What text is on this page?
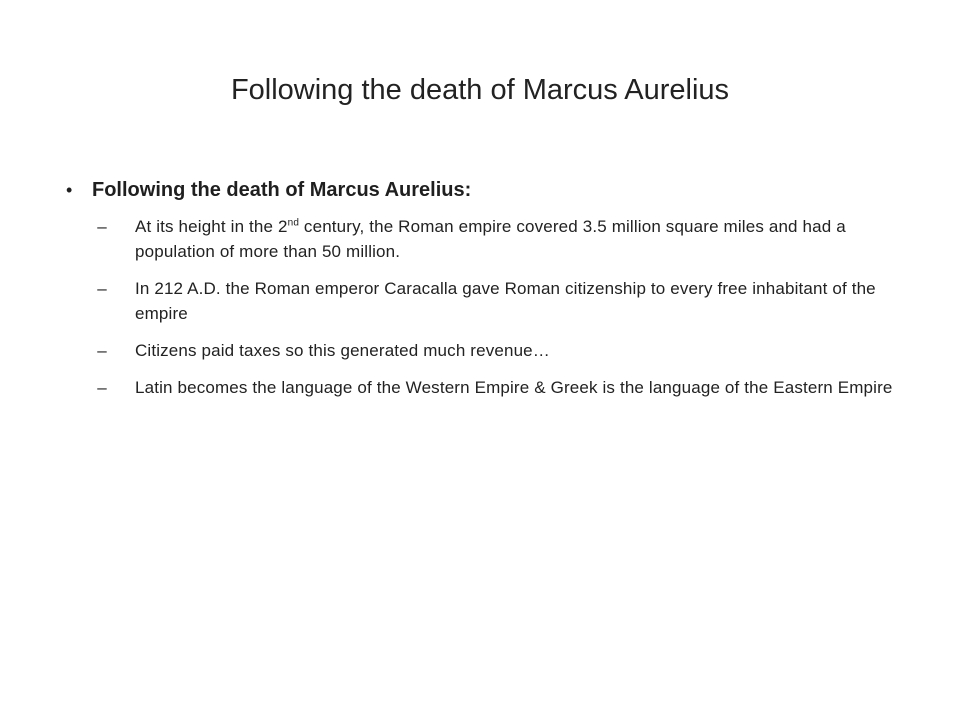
Following the death of Marcus Aurelius
• Following the death of Marcus Aurelius:
–	At its height in the 2nd century, the Roman empire covered 3.5 million square miles and had a population of more than 50 million.
–	In 212 A.D. the Roman emperor Caracalla gave Roman citizenship to every free inhabitant of the empire
–	Citizens paid taxes so this generated much revenue…
–	Latin becomes the language of the Western Empire & Greek is the language of the Eastern Empire
